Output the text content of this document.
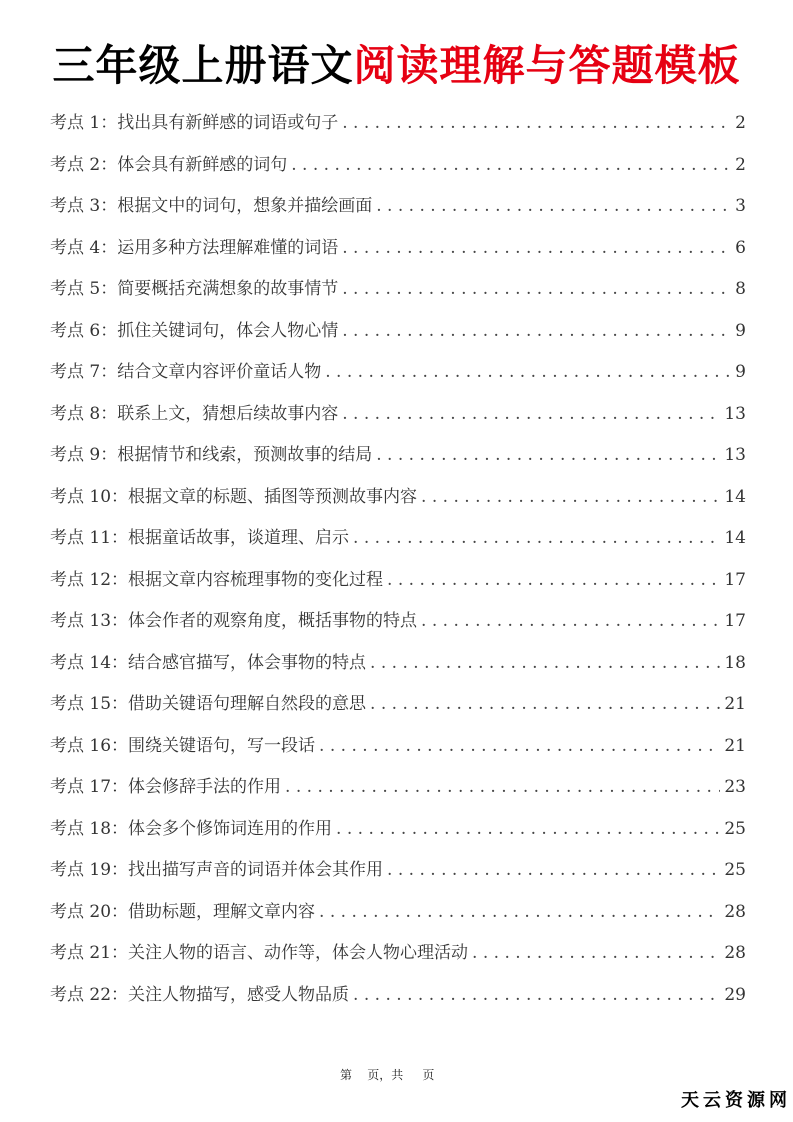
三年级上册语文阅读理解与答题模板
考点 1：找出具有新鲜感的词语或句子 . . .	2
考点 2：体会具有新鲜感的词句 . . .	2
考点 3：根据文中的词句，想象并描绘画面 . . .	3
考点 4：运用多种方法理解难懂的词语 . . .	6
考点 5：简要概括充满想象的故事情节 . . .	8
考点 6：抓住关键词句，体会人物心情 . . .	9
考点 7：结合文章内容评价童话人物 . . .	9
考点 8：联系上文，猜想后续故事内容 . . .	13
考点 9：根据情节和线索，预测故事的结局 . . .	13
考点 10：根据文章的标题、插图等预测故事内容 . . .	14
考点 11：根据童话故事，谈道理、启示 . . .	14
考点 12：根据文章内容梳理事物的变化过程 . . .	17
考点 13：体会作者的观察角度，概括事物的特点 . . .	17
考点 14：结合感官描写，体会事物的特点 . . .	18
考点 15：借助关键语句理解自然段的意思 . . .	21
考点 16：围绕关键语句，写一段话 . . .	21
考点 17：体会修辞手法的作用 . . .	23
考点 18：体会多个修饰词连用的作用 . . .	25
考点 19：找出描写声音的词语并体会其作用 . . .	25
考点 20：借助标题，理解文章内容 . . .	28
考点 21：关注人物的语言、动作等，体会人物心理活动 . . .	28
考点 22：关注人物描写，感受人物品质 . . .	29
第    页，共     页
天云资源网
